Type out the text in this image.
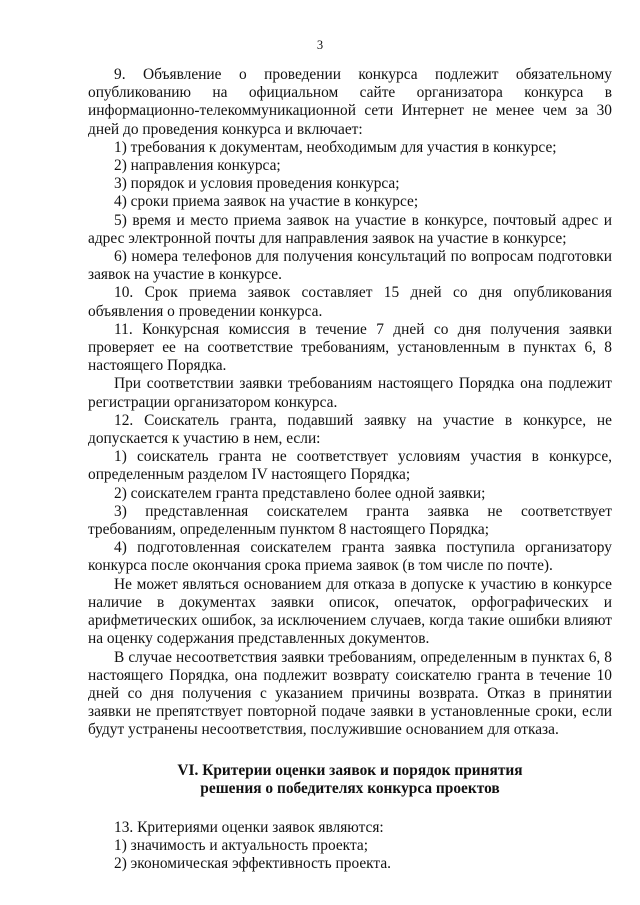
3

9. Объявление о проведении конкурса подлежит обязательному опубликованию на официальном сайте организатора конкурса в информационно-телекоммуникационной сети Интернет не менее чем за 30 дней до проведения конкурса и включает:

1) требования к документам, необходимым для участия в конкурсе;

2) направления конкурса;

3) порядок и условия проведения конкурса;

4) сроки приема заявок на участие в конкурсе;

5) время и место приема заявок на участие в конкурсе, почтовый адрес и адрес электронной почты для направления заявок на участие в конкурсе;

6) номера телефонов для получения консультаций по вопросам подготовки заявок на участие в конкурсе.

10. Срок приема заявок составляет 15 дней со дня опубликования объявления о проведении конкурса.

11. Конкурсная комиссия в течение 7 дней со дня получения заявки проверяет ее на соответствие требованиям, установленным в пунктах 6, 8 настоящего Порядка.

При соответствии заявки требованиям настоящего Порядка она подлежит регистрации организатором конкурса.

12. Соискатель гранта, подавший заявку на участие в конкурсе, не допускается к участию в нем, если:

1) соискатель гранта не соответствует условиям участия в конкурсе, определенным разделом IV настоящего Порядка;

2) соискателем гранта представлено более одной заявки;

3) представленная соискателем гранта заявка не соответствует требованиям, определенным пунктом 8 настоящего Порядка;

4) подготовленная соискателем гранта заявка поступила организатору конкурса после окончания срока приема заявок (в том числе по почте).

Не может являться основанием для отказа в допуске к участию в конкурсе наличие в документах заявки описок, опечаток, орфографических и арифметических ошибок, за исключением случаев, когда такие ошибки влияют на оценку содержания представленных документов.

В случае несоответствия заявки требованиям, определенным в пунктах 6, 8 настоящего Порядка, она подлежит возврату соискателю гранта в течение 10 дней со дня получения с указанием причины возврата. Отказ в принятии заявки не препятствует повторной подаче заявки в установленные сроки, если будут устранены несоответствия, послужившие основанием для отказа.

VI. Критерии оценки заявок и порядок принятия
решения о победителях конкурса проектов

13. Критериями оценки заявок являются:

1) значимость и актуальность проекта;

2) экономическая эффективность проекта.
